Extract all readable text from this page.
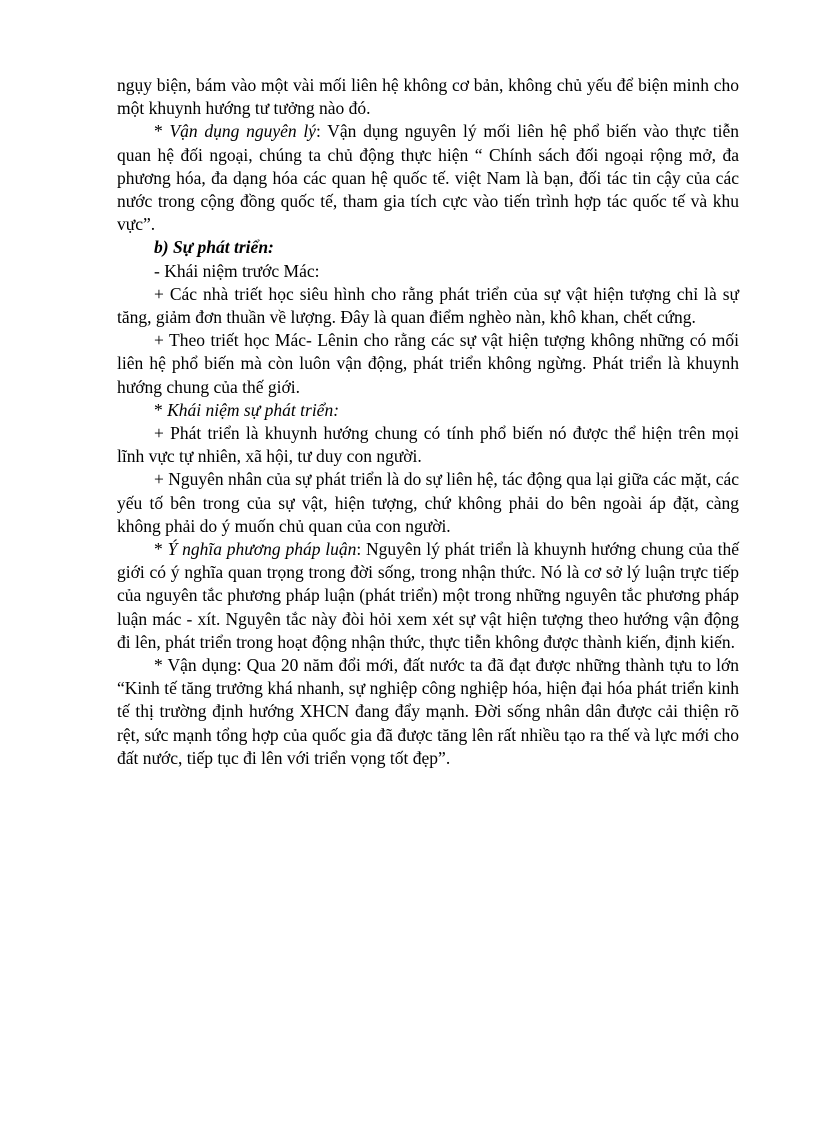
ngụy biện, bám vào một vài mối liên hệ không cơ bản, không chủ yếu để biện minh cho một khuynh hướng tư tưởng nào đó.

* Vận dụng nguyên lý: Vận dụng nguyên lý mối liên hệ phổ biến vào thực tiễn quan hệ đối ngoại, chúng ta chủ động thực hiện “ Chính sách đối ngoại rộng mở, đa phương hóa, đa dạng hóa các quan hệ quốc tế. việt Nam là bạn, đối tác tin cậy của các nước trong cộng đồng quốc tế, tham gia tích cực vào tiến trình hợp tác quốc tế và khu vực”.

b) Sự phát triển:

- Khái niệm trước Mác:

+ Các nhà triết học siêu hình cho rằng phát triển của sự vật hiện tượng chỉ là sự tăng, giảm đơn thuần về lượng. Đây là quan điểm nghèo nàn, khô khan, chết cứng.

+ Theo triết học Mác- Lênin cho rằng các sự vật hiện tượng không những có mối liên hệ phổ biến mà còn luôn vận động, phát triển không ngừng. Phát triển là khuynh hướng chung của thế giới.

* Khái niệm sự phát triển:

+ Phát triển là khuynh hướng chung có tính phổ biến nó được thể hiện trên mọi lĩnh vực tự nhiên, xã hội, tư duy con người.

+ Nguyên nhân của sự phát triển là do sự liên hệ, tác động qua lại giữa các mặt, các yếu tố bên trong của sự vật, hiện tượng, chứ không phải do bên ngoài áp đặt, càng không phải do ý muốn chủ quan của con người.

* Ý nghĩa phương pháp luận: Nguyên lý phát triển là khuynh hướng chung của thế giới có ý nghĩa quan trọng trong đời sống, trong nhận thức. Nó là cơ sở lý luận trực tiếp của nguyên tắc phương pháp luận (phát triển) một trong những nguyên tắc phương pháp luận mác - xít. Nguyên tắc này đòi hỏi xem xét sự vật hiện tượng theo hướng vận động đi lên, phát triển trong hoạt động nhận thức, thực tiễn không được thành kiến, định kiến.

* Vận dụng: Qua 20 năm đổi mới, đất nước ta đã đạt được những thành tựu to lớn “Kinh tế tăng trưởng khá nhanh, sự nghiệp công nghiệp hóa, hiện đại hóa phát triển kinh tế thị trường định hướng XHCN đang đẩy mạnh. Đời sống nhân dân được cải thiện rõ rệt, sức mạnh tổng hợp của quốc gia đã được tăng lên rất nhiều tạo ra thế và lực mới cho đất nước, tiếp tục đi lên với triển vọng tốt đẹp”.
